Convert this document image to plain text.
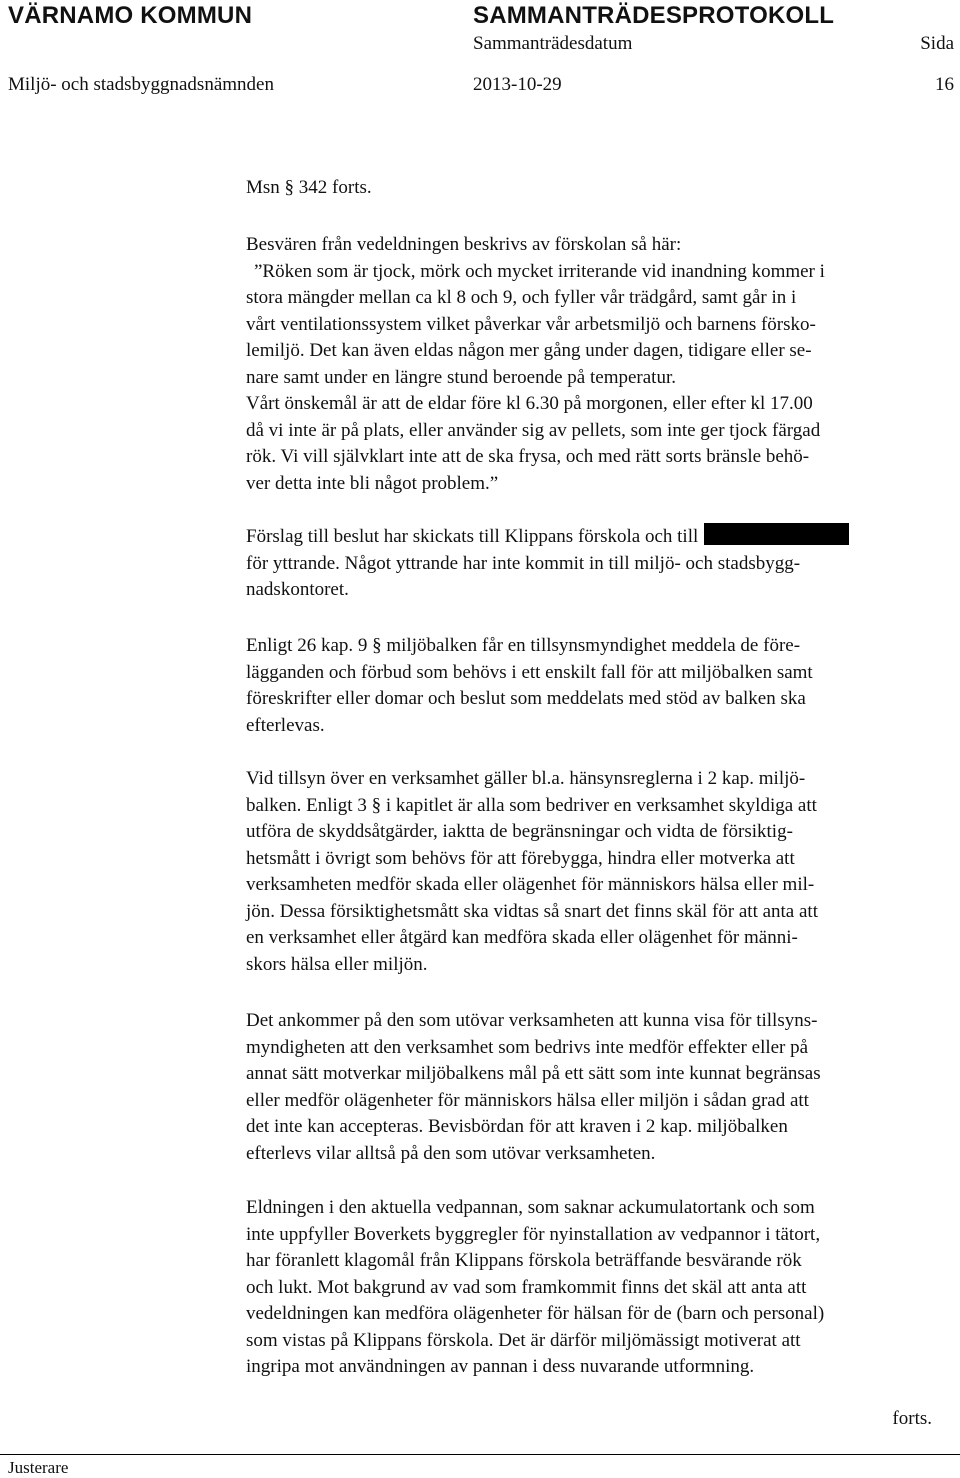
VÄRNAMO KOMMUN	SAMMANTRÄDESPROTOKOLL
Sammanträdesdatum	Sida
Miljö- och stadsbyggnadsnämnden	2013-10-29	16
Msn § 342 forts.
Besvären från vedeldningen beskrivs av förskolan så här:
”Röken som är tjock, mörk och mycket irriterande vid inandning kommer i
stora mängder mellan ca kl 8 och 9, och fyller vår trädgård, samt går in i
vårt ventilationssystem vilket påverkar vår arbetsmiljö och barnens försko-
lemiljö. Det kan även eldas någon mer gång under dagen, tidigare eller se-
nare samt under en längre stund beroende på temperatur.
Vårt önskemål är att de eldar före kl 6.30 på morgonen, eller efter kl 17.00
då vi inte är på plats, eller använder sig av pellets, som inte ger tjock färgad
rök. Vi vill självklart inte att de ska frysa, och med rätt sorts bränsle behö-
ver detta inte bli något problem.”
Förslag till beslut har skickats till Klippans förskola och till
för yttrande. Något yttrande har inte kommit in till miljö- och stadsbygg-
nadskontoret.
Enligt 26 kap. 9 § miljöbalken får en tillsynsmyndighet meddela de före-
lägganden och förbud som behövs i ett enskilt fall för att miljöbalken samt
föreskrifter eller domar och beslut som meddelats med stöd av balken ska
efterlevas.
Vid tillsyn över en verksamhet gäller bl.a. hänsynsreglerna i 2 kap. miljö-
balken. Enligt 3 § i kapitlet är alla som bedriver en verksamhet skyldiga att
utföra de skyddsåtgärder, iaktta de begränsningar och vidta de försiktig-
hetsmått i övrigt som behövs för att förebygga, hindra eller motverka att
verksamheten medför skada eller olägenhet för människors hälsa eller mil-
jön. Dessa försiktighetsmått ska vidtas så snart det finns skäl för att anta att
en verksamhet eller åtgärd kan medföra skada eller olägenhet för männi-
skors hälsa eller miljön.
Det ankommer på den som utövar verksamheten att kunna visa för tillsyns-
myndigheten att den verksamhet som bedrivs inte medför effekter eller på
annat sätt motverkar miljöbalkens mål på ett sätt som inte kunnat begränsas
eller medför olägenheter för människors hälsa eller miljön i sådan grad att
det inte kan accepteras. Bevisbördan för att kraven i 2 kap. miljöbalken
efterlevs vilar alltså på den som utövar verksamheten.
Eldningen i den aktuella vedpannan, som saknar ackumulatortank och som
inte uppfyller Boverkets byggregler för nyinstallation av vedpannor i tätort,
har föranlett klagomål från Klippans förskola beträffande besvärande rök
och lukt. Mot bakgrund av vad som framkommit finns det skäl att anta att
vedeldningen kan medföra olägenheter för hälsan för de (barn och personal)
som vistas på Klippans förskola. Det är därför miljömässigt motiverat att
ingripa mot användningen av pannan i dess nuvarande utformning.
forts.
Justerare
